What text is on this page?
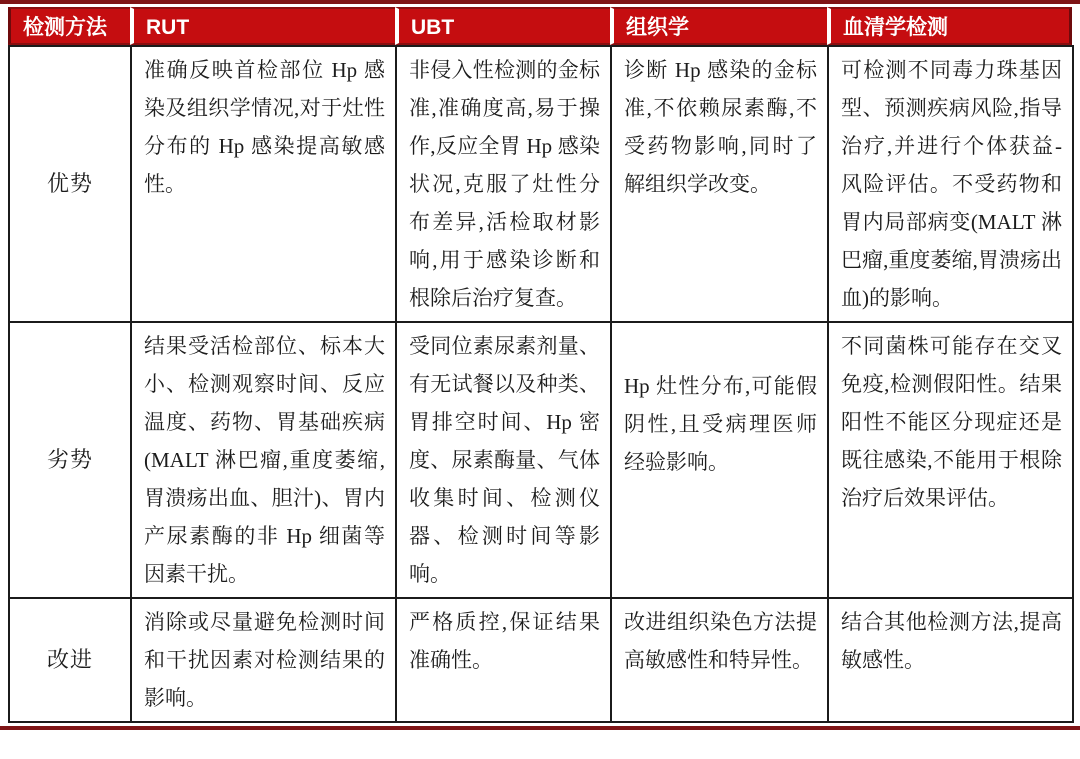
检测方法	RUT	UBT	组织学	血清学检测
优势	准确反映首检部位 Hp 感染及组织学情况,对于灶性分布的 Hp 感染提高敏感性。	非侵入性检测的金标准,准确度高,易于操作,反应全胃 Hp 感染状况,克服了灶性分布差异,活检取材影响,用于感染诊断和根除后治疗复查。	诊断 Hp 感染的金标准,不依赖尿素酶,不受药物影响,同时了解组织学改变。	可检测不同毒力珠基因型、预测疾病风险,指导治疗,并进行个体获益-风险评估。不受药物和胃内局部病变(MALT 淋巴瘤,重度萎缩,胃溃疡出血)的影响。
劣势	结果受活检部位、标本大小、检测观察时间、反应温度、药物、胃基础疾病(MALT 淋巴瘤,重度萎缩,胃溃疡出血、胆汁)、胃内产尿素酶的非 Hp 细菌等因素干扰。	受同位素尿素剂量、有无试餐以及种类、胃排空时间、Hp 密度、尿素酶量、气体收集时间、检测仪器、检测时间等影响。	Hp 灶性分布,可能假阴性,且受病理医师经验影响。	不同菌株可能存在交叉免疫,检测假阳性。结果阳性不能区分现症还是既往感染,不能用于根除治疗后效果评估。
改进	消除或尽量避免检测时间和干扰因素对检测结果的影响。	严格质控,保证结果准确性。	改进组织染色方法提高敏感性和特异性。	结合其他检测方法,提高敏感性。
